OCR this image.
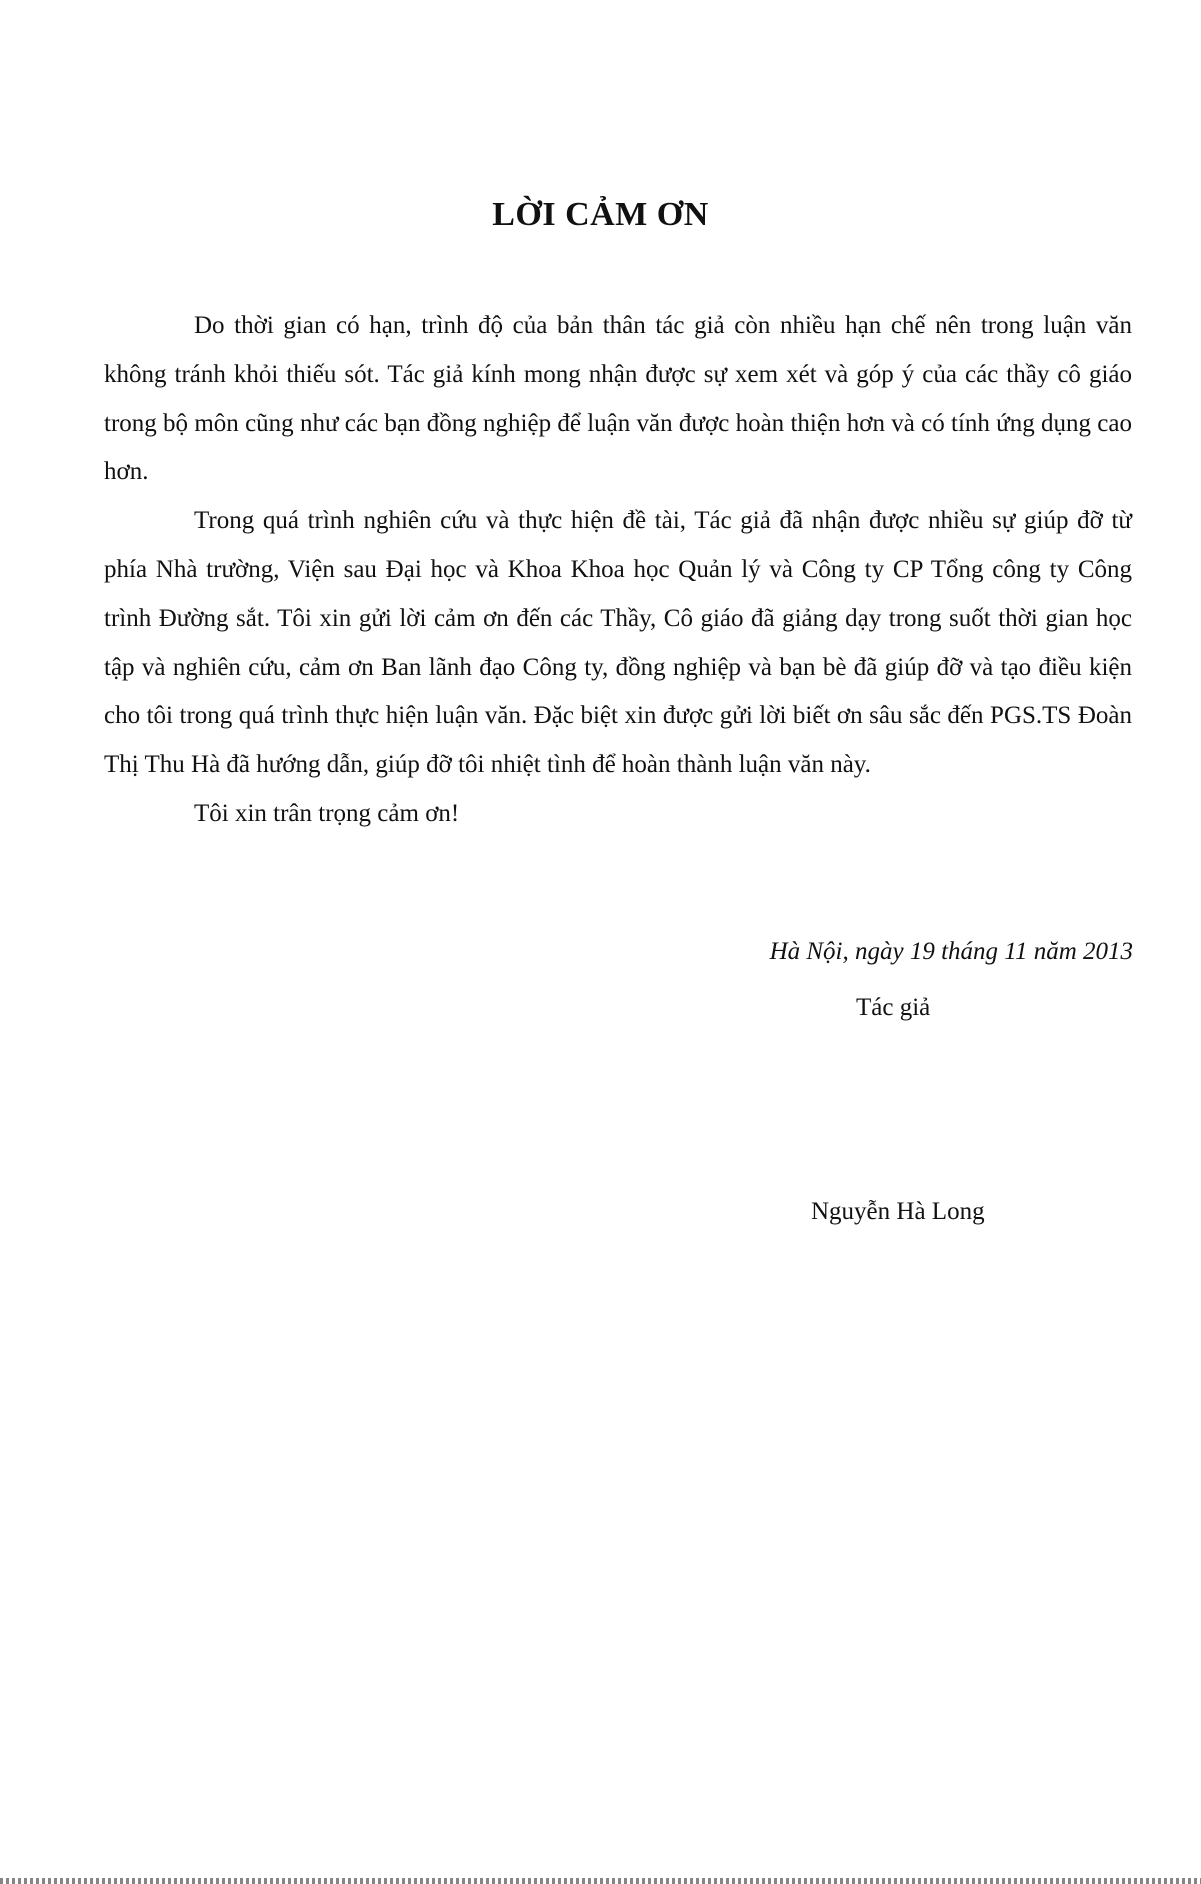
LỜI CẢM ƠN

Do thời gian có hạn, trình độ của bản thân tác giả còn nhiều hạn chế nên trong luận văn không tránh khỏi thiếu sót. Tác giả kính mong nhận được sự xem xét và góp ý của các thầy cô giáo trong bộ môn cũng như các bạn đồng nghiệp để luận văn được hoàn thiện hơn và có tính ứng dụng cao hơn.

Trong quá trình nghiên cứu và thực hiện đề tài, Tác giả đã nhận được nhiều sự giúp đỡ từ phía Nhà trường, Viện sau Đại học và Khoa Khoa học Quản lý và Công ty CP Tổng công ty Công trình Đường sắt. Tôi xin gửi lời cảm ơn đến các Thầy, Cô giáo đã giảng dạy trong suốt thời gian học tập và nghiên cứu, cảm ơn Ban lãnh đạo Công ty, đồng nghiệp và bạn bè đã giúp đỡ và tạo điều kiện cho tôi trong quá trình thực hiện luận văn. Đặc biệt xin được gửi lời biết ơn sâu sắc đến PGS.TS Đoàn Thị Thu Hà đã hướng dẫn, giúp đỡ tôi nhiệt tình để hoàn thành luận văn này.

Tôi xin trân trọng cảm ơn!

Hà Nội, ngày 19 tháng 11 năm 2013
Tác giả
Nguyễn Hà Long
